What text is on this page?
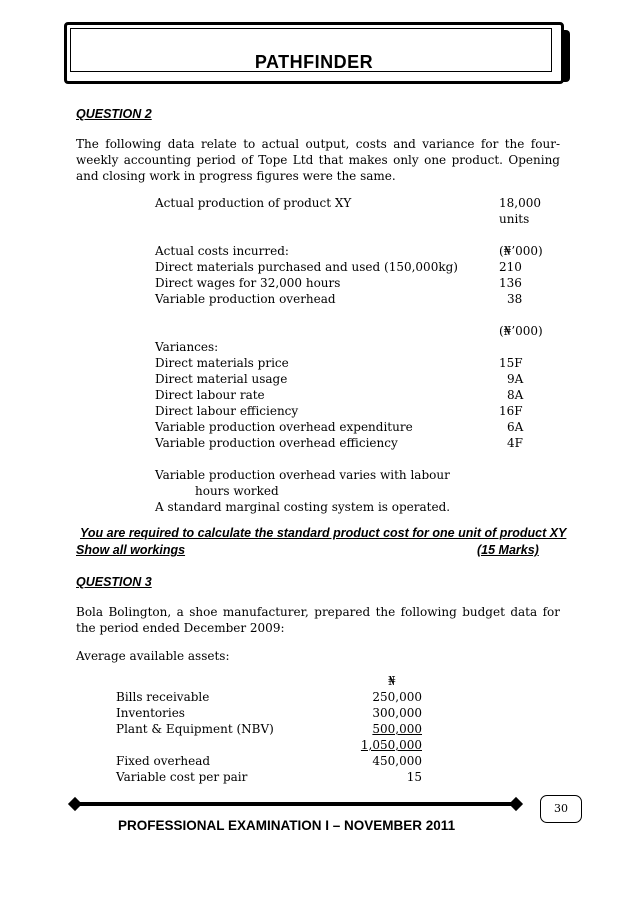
PATHFINDER
QUESTION 2
The following data relate to actual output, costs and variance for the four-weekly accounting period of Tope Ltd that makes only one product. Opening and closing work in progress figures were the same.
Actual production of product XY	18,000
units
Actual costs incurred:	(₦’000)
Direct materials purchased and used (150,000kg)	210
Direct wages for 32,000 hours	136
Variable production overhead	38
(₦’000)
Variances:
Direct materials price	15F
Direct material usage	9A
Direct labour rate	8A
Direct labour efficiency	16F
Variable production overhead expenditure	6A
Variable production overhead efficiency	4F
Variable production overhead varies with labour
hours worked
A standard marginal costing system is operated.
You are required to calculate the standard product cost for one unit of product XY
Show all workings	(15 Marks)
QUESTION 3
Bola Bolington, a shoe manufacturer, prepared the following budget data for the period ended December 2009:
Average available assets:
₦
Bills receivable	250,000
Inventories	300,000
Plant & Equipment (NBV)	500,000
1,050,000
Fixed overhead	450,000
Variable cost per pair	15
30
PROFESSIONAL EXAMINATION I – NOVEMBER 2011
